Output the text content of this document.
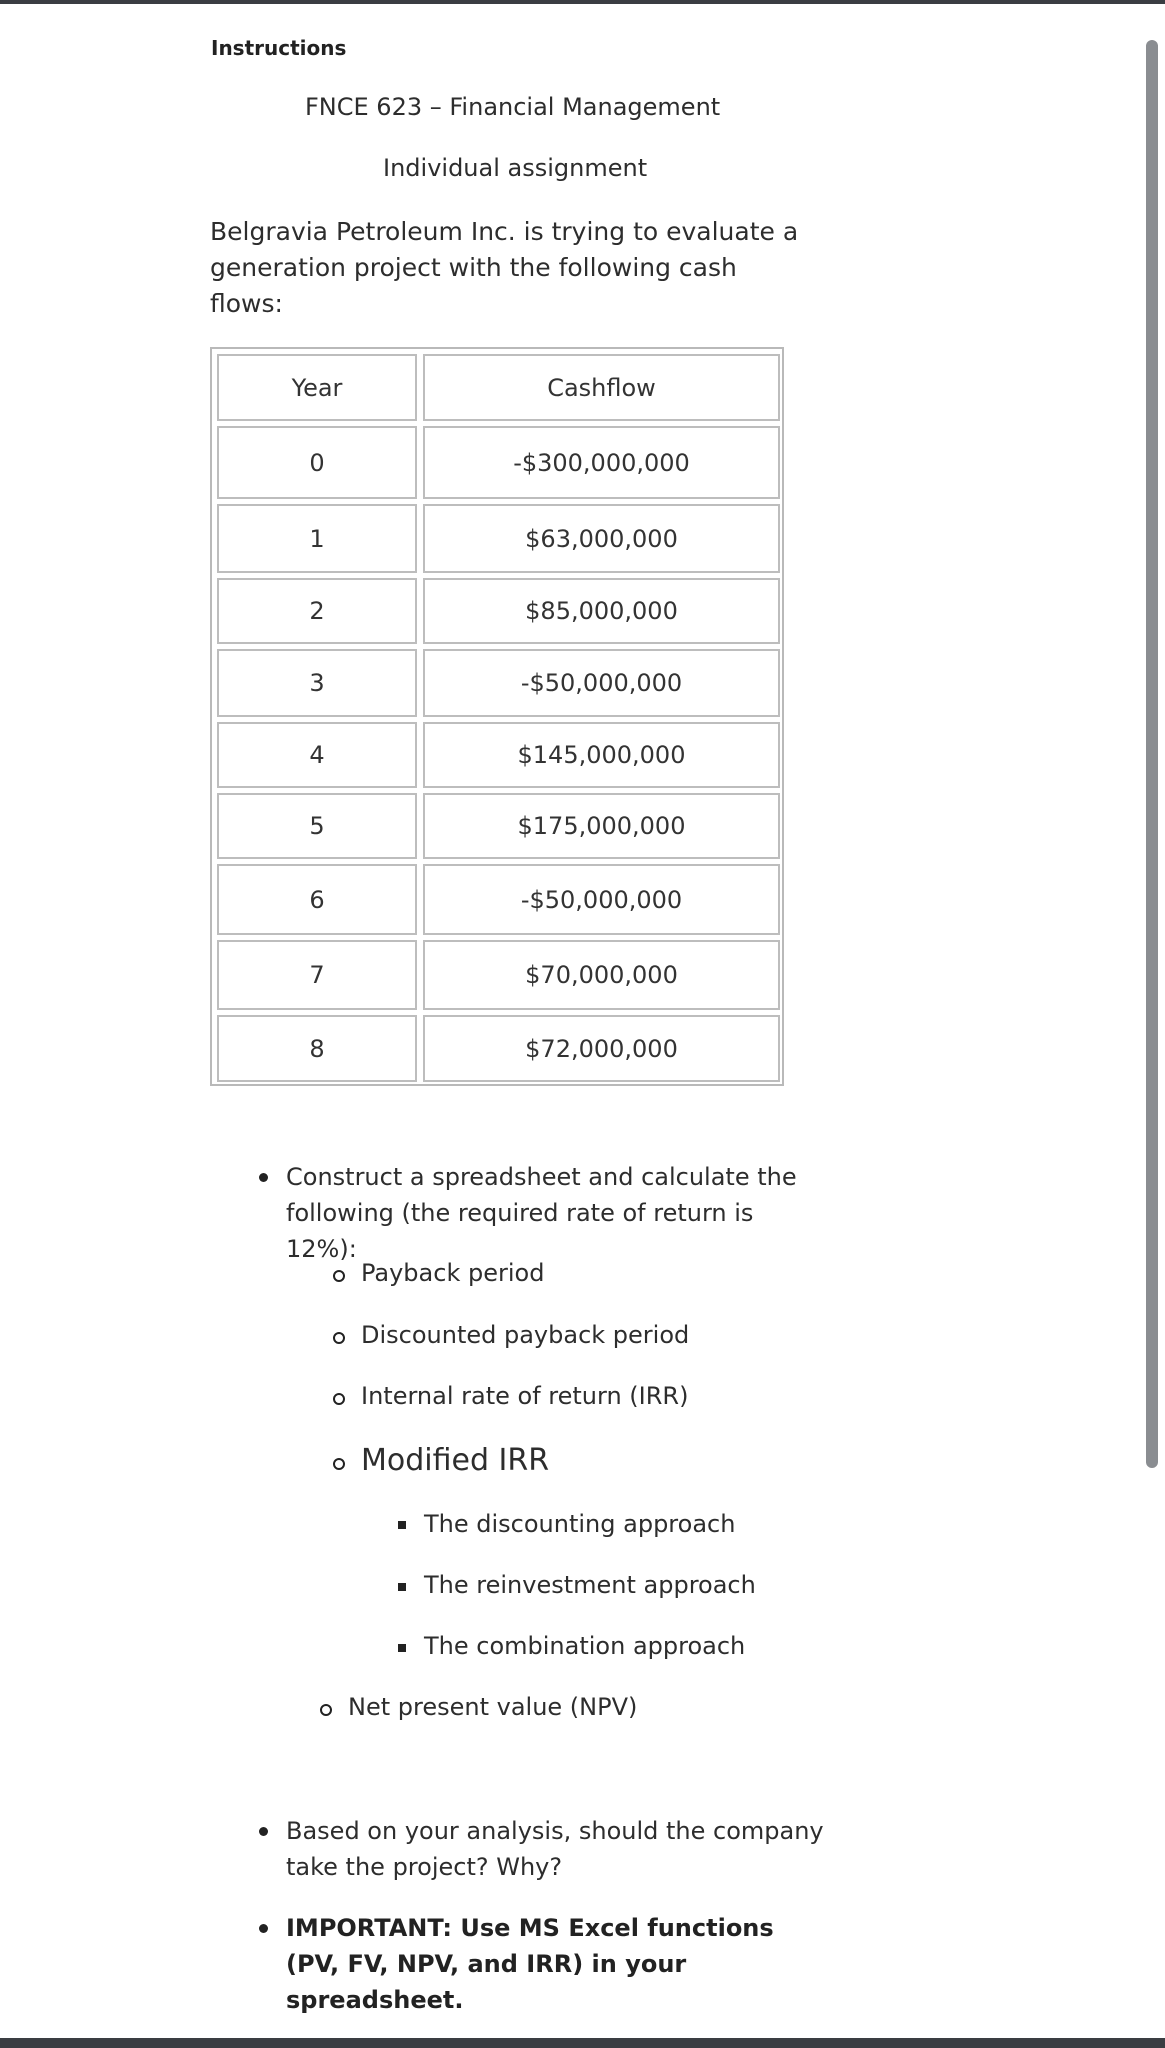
Instructions
FNCE 623 – Financial Management
Individual assignment
Belgravia Petroleum Inc. is trying to evaluate a generation project with the following cash flows:
Year	Cashflow
0	-$300,000,000
1	$63,000,000
2	$85,000,000
3	-$50,000,000
4	$145,000,000
5	$175,000,000
6	-$50,000,000
7	$70,000,000
8	$72,000,000
Construct a spreadsheet and calculate the following (the required rate of return is 12%):
Payback period
Discounted payback period
Internal rate of return (IRR)
Modified IRR
The discounting approach
The reinvestment approach
The combination approach
Net present value (NPV)
Based on your analysis, should the company take the project? Why?
IMPORTANT: Use MS Excel functions (PV, FV, NPV, and IRR) in your spreadsheet.
